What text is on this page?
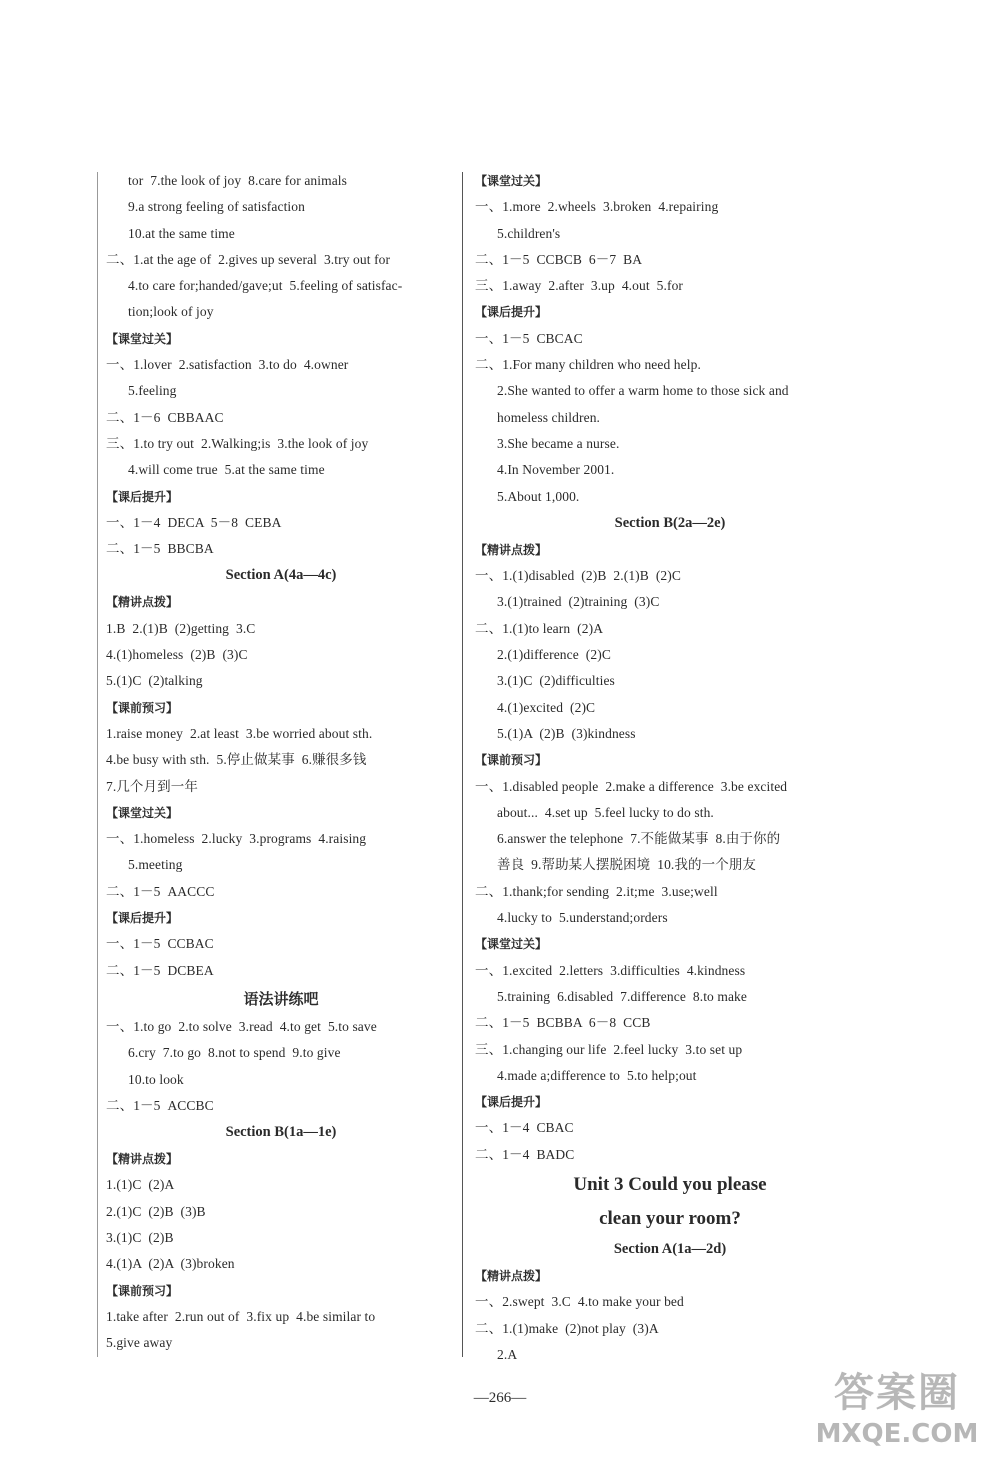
tor  7.the look of joy  8.care for animals
9.a strong feeling of satisfaction
10.at the same time
二、1.at the age of  2.gives up several  3.try out for
4.to care for;handed/gave;ut  5.feeling of satisfac-
tion;look of joy
【课堂过关】
一、1.lover  2.satisfaction  3.to do  4.owner
5.feeling
二、1－6  CBBAAC
三、1.to try out  2.Walking;is  3.the look of joy
4.will come true  5.at the same time
【课后提升】
一、1－4  DECA  5－8  CEBA
二、1－5  BBCBA
Section A(4a—4c)
【精讲点拨】
1.B  2.(1)B  (2)getting  3.C
4.(1)homeless  (2)B  (3)C
5.(1)C  (2)talking
【课前预习】
1.raise money  2.at least  3.be worried about sth.
4.be busy with sth.  5.停止做某事  6.赚很多钱
7.几个月到一年
【课堂过关】
一、1.homeless  2.lucky  3.programs  4.raising
5.meeting
二、1－5  AACCC
【课后提升】
一、1－5  CCBAC
二、1－5  DCBEA
语法讲练吧
一、1.to go  2.to solve  3.read  4.to get  5.to save
6.cry  7.to go  8.not to spend  9.to give
10.to look
二、1－5  ACCBC
Section B(1a—1e)
【精讲点拨】
1.(1)C  (2)A
2.(1)C  (2)B  (3)B
3.(1)C  (2)B
4.(1)A  (2)A  (3)broken
【课前预习】
1.take after  2.run out of  3.fix up  4.be similar to
5.give away
【课堂过关】
一、1.more  2.wheels  3.broken  4.repairing
5.children's
二、1－5  CCBCB  6－7  BA
三、1.away  2.after  3.up  4.out  5.for
【课后提升】
一、1－5  CBCAC
二、1.For many children who need help.
2.She wanted to offer a warm home to those sick and
homeless children.
3.She became a nurse.
4.In November 2001.
5.About 1,000.
Section B(2a—2e)
【精讲点拨】
一、1.(1)disabled  (2)B  2.(1)B  (2)C
3.(1)trained  (2)training  (3)C
二、1.(1)to learn  (2)A
2.(1)difference  (2)C
3.(1)C  (2)difficulties
4.(1)excited  (2)C
5.(1)A  (2)B  (3)kindness
【课前预习】
一、1.disabled people  2.make a difference  3.be excited
about...  4.set up  5.feel lucky to do sth.
6.answer the telephone  7.不能做某事  8.由于你的
善良  9.帮助某人摆脱困境  10.我的一个朋友
二、1.thank;for sending  2.it;me  3.use;well
4.lucky to  5.understand;orders
【课堂过关】
一、1.excited  2.letters  3.difficulties  4.kindness
5.training  6.disabled  7.difference  8.to make
二、1－5  BCBBA  6－8  CCB
三、1.changing our life  2.feel lucky  3.to set up
4.made a;difference to  5.to help;out
【课后提升】
一、1－4  CBAC
二、1－4  BADC
Unit 3 Could you please
clean your room?
Section A(1a—2d)
【精讲点拨】
一、2.swept  3.C  4.to make your bed
二、1.(1)make  (2)not play  (3)A
2.A
—266—	答案圈
MXQE.COM
